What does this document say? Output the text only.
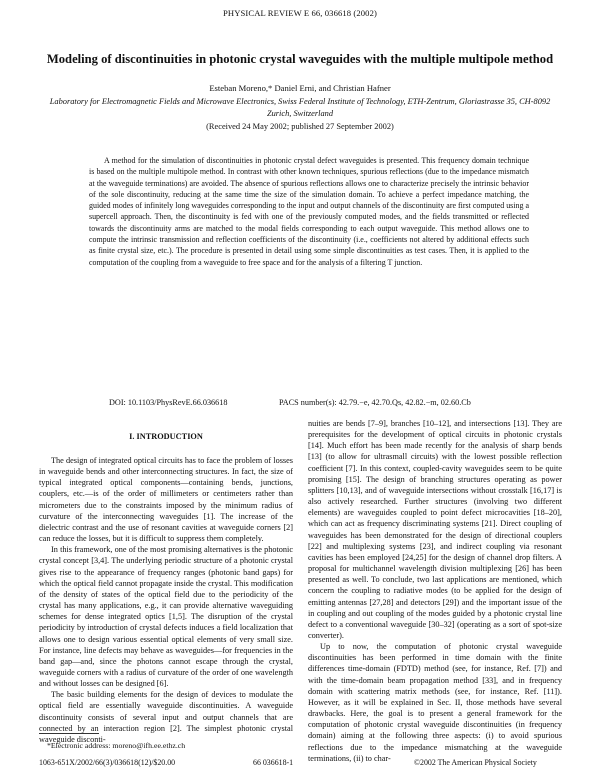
PHYSICAL REVIEW E 66, 036618 (2002)
Modeling of discontinuities in photonic crystal waveguides with the multiple multipole method
Esteban Moreno,* Daniel Erni, and Christian Hafner
Laboratory for Electromagnetic Fields and Microwave Electronics, Swiss Federal Institute of Technology, ETH-Zentrum, Gloriastrasse 35, CH-8092 Zurich, Switzerland
(Received 24 May 2002; published 27 September 2002)

A method for the simulation of discontinuities in photonic crystal defect waveguides is presented. This frequency domain technique is based on the multiple multipole method. In contrast with other known techniques, spurious reflections (due to the impedance mismatch at the waveguide terminations) are avoided. The absence of spurious reflections allows one to characterize precisely the intrinsic behavior of the sole discontinuity, reducing at the same time the size of the simulation domain. To achieve a perfect impedance matching, the guided modes of infinitely long waveguides corresponding to the input and output channels of the discontinuity are first computed using a supercell approach. Then, the discontinuity is fed with one of the previously computed modes, and the fields transmitted or reflected towards the discontinuity arms are matched to the modal fields corresponding to each output waveguide. This method allows one to compute the intrinsic transmission and reflection coefficients of the discontinuity (i.e., coefficients not altered by additional effects such as finite crystal size, etc.). The procedure is presented in detail using some simple discontinuities as test cases. Then, it is applied to the computation of the coupling from a waveguide to free space and for the analysis of a filtering T junction.

DOI: 10.1103/PhysRevE.66.036618	PACS number(s): 42.79.−e, 42.70.Qs, 42.82.−m, 02.60.Cb
I. INTRODUCTION

The design of integrated optical circuits has to face the problem of losses in waveguide bends and other interconnecting structures. In fact, the size of typical integrated optical components—containing bends, junctions, couplers, etc.—is of the order of millimeters or centimeters rather than micrometers due to the constraints imposed by the minimum radius of curvature of the interconnecting waveguides [1]. The increase of the dielectric contrast and the use of resonant cavities at waveguide corners [2] can reduce the losses, but it is difficult to suppress them completely.

In this framework, one of the most promising alternatives is the photonic crystal concept [3,4]. The underlying periodic structure of a photonic crystal gives rise to the appearance of frequency ranges (photonic band gaps) for which the optical field cannot propagate inside the crystal. This modification of the density of states of the optical field due to the periodicity of the crystal has many applications, e.g., it can provide alternative waveguiding schemes for dense integrated optics [1,5]. The disruption of the crystal periodicity by introduction of crystal defects induces a field localization that allows one to design various essential optical elements of very small size. For instance, line defects may behave as waveguides—for frequencies in the band gap—and, since the photons cannot escape through the crystal, waveguide corners with a radius of curvature of the order of one wavelength and without losses can be designed [6].

The basic building elements for the design of devices to modulate the optical field are essentially waveguide discontinuities. A waveguide discontinuity consists of several input and output channels that are connected by an interaction region [2]. The simplest photonic crystal waveguide disconti-

nuities are bends [7–9], branches [10–12], and intersections [13]. They are prerequisites for the development of optical circuits in photonic crystals [14]. Much effort has been made recently for the analysis of sharp bends [13] (to allow for ultrasmall circuits) with the lowest possible reflection coefficient [7]. In this context, coupled-cavity waveguides seem to be quite promising [15]. The design of branching structures operating as power splitters [10,13], and of waveguide intersections without crosstalk [16,17] is also actively researched. Further structures (involving two different elements) are waveguides coupled to point defect microcavities [18–20], which can act as frequency discriminating systems [21]. Direct coupling of waveguides has been demonstrated for the design of directional couplers [22] and multiplexing systems [23], and indirect coupling via resonant cavities has been employed [24,25] for the design of channel drop filters. A proposal for multichannel wavelength division multiplexing [26] has been presented as well. To conclude, two last applications are mentioned, which concern the coupling to radiative modes (to be applied for the design of emitting antennas [27,28] and detectors [29]) and the important issue of the in coupling and out coupling of the modes guided by a photonic crystal line defect to a conventional waveguide [30–32] (operating as a sort of spot-size converter).

Up to now, the computation of photonic crystal waveguide discontinuities has been performed in time domain with the finite differences time-domain (FDTD) method (see, for instance, Ref. [7]) and with the time-domain beam propagation method [33], and in frequency domain with scattering matrix methods (see, for instance, Ref. [11]). However, as it will be explained in Sec. II, those methods have several drawbacks. Here, the goal is to present a general framework for the computation of photonic crystal waveguide discontinuities (in frequency domain) aiming at the following three aspects: (i) to avoid spurious reflections due to the impedance mismatching at the waveguide terminations, (ii) to char-

*Electronic address: moreno@ifh.ee.ethz.ch
1063-651X/2002/66(3)/036618(12)/$20.00	66 036618-1	©2002 The American Physical Society
